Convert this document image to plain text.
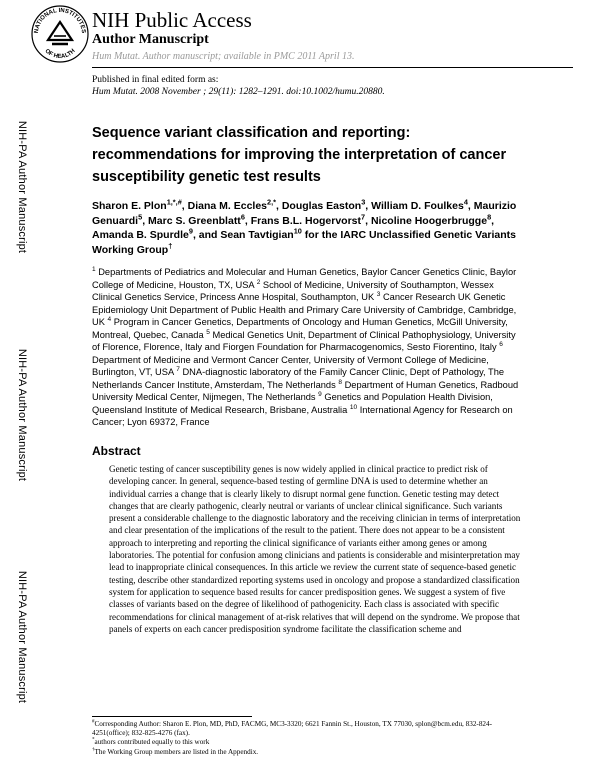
NATIONAL INSTITUTES
OF HEALTH
NIH Public Access
Author Manuscript
Hum Mutat. Author manuscript; available in PMC 2011 April 13.
Published in final edited form as:
Hum Mutat. 2008 November ; 29(11): 1282–1291. doi:10.1002/humu.20880.
NIH-PA Author Manuscript
NIH-PA Author Manuscript
NIH-PA Author Manuscript
Sequence variant classification and reporting: recommendations for improving the interpretation of cancer susceptibility genetic test results
Sharon E. Plon$^{1,*,\#}$, Diana M. Eccles$^{2,*}$, Douglas Easton$^3$, William D. Foulkes$^4$, Maurizio Genuardi$^5$, Marc S. Greenblatt$^6$, Frans B.L. Hogervorst$^7$, Nicoline Hoogerbrugge$^8$, Amanda B. Spurdle$^9$, and Sean Tavtigian$^{10}$ for the IARC Unclassified Genetic Variants Working Group†
$^1$ Departments of Pediatrics and Molecular and Human Genetics, Baylor Cancer Genetics Clinic, Baylor College of Medicine, Houston, TX, USA $^2$ School of Medicine, University of Southampton, Wessex Clinical Genetics Service, Princess Anne Hospital, Southampton, UK $^3$ Cancer Research UK Genetic Epidemiology Unit Department of Public Health and Primary Care University of Cambridge, Cambridge, UK $^4$ Program in Cancer Genetics, Departments of Oncology and Human Genetics, McGill University, Montreal, Quebec, Canada $^5$ Medical Genetics Unit, Department of Clinical Pathophysiology, University of Florence, Florence, Italy and Fiorgen Foundation for Pharmacogenomics, Sesto Fiorentino, Italy $^6$ Department of Medicine and Vermont Cancer Center, University of Vermont College of Medicine, Burlington, VT, USA $^7$ DNA-diagnostic laboratory of the Family Cancer Clinic, Dept of Pathology, The Netherlands Cancer Institute, Amsterdam, The Netherlands $^8$ Department of Human Genetics, Radboud University Medical Center, Nijmegen, The Netherlands $^9$ Genetics and Population Health Division, Queensland Institute of Medical Research, Brisbane, Australia $^{10}$ International Agency for Research on Cancer; Lyon 69372, France
Abstract
Genetic testing of cancer susceptibility genes is now widely applied in clinical practice to predict risk of developing cancer. In general, sequence-based testing of germline DNA is used to determine whether an individual carries a change that is clearly likely to disrupt normal gene function. Genetic testing may detect changes that are clearly pathogenic, clearly neutral or variants of unclear clinical significance. Such variants present a considerable challenge to the diagnostic laboratory and the receiving clinician in terms of interpretation and clear presentation of the implications of the result to the patient. There does not appear to be a consistent approach to interpreting and reporting the clinical significance of variants either among genes or among laboratories. The potential for confusion among clinicians and patients is considerable and misinterpretation may lead to inappropriate clinical consequences. In this article we review the current state of sequence-based genetic testing, describe other standardized reporting systems used in oncology and propose a standardized classification system for application to sequence based results for cancer predisposition genes. We suggest a system of five classes of variants based on the degree of likelihood of pathogenicity. Each class is associated with specific recommendations for clinical management of at-risk relatives that will depend on the syndrome. We propose that panels of experts on each cancer predisposition syndrome facilitate the classification scheme and
#Corresponding Author: Sharon E. Plon, MD, PhD, FACMG, MC3-3320; 6621 Fannin St., Houston, TX 77030, splon@bcm.edu, 832-824-4251(office); 832-825-4276 (fax).
*authors contributed equally to this work
†The Working Group members are listed in the Appendix.
